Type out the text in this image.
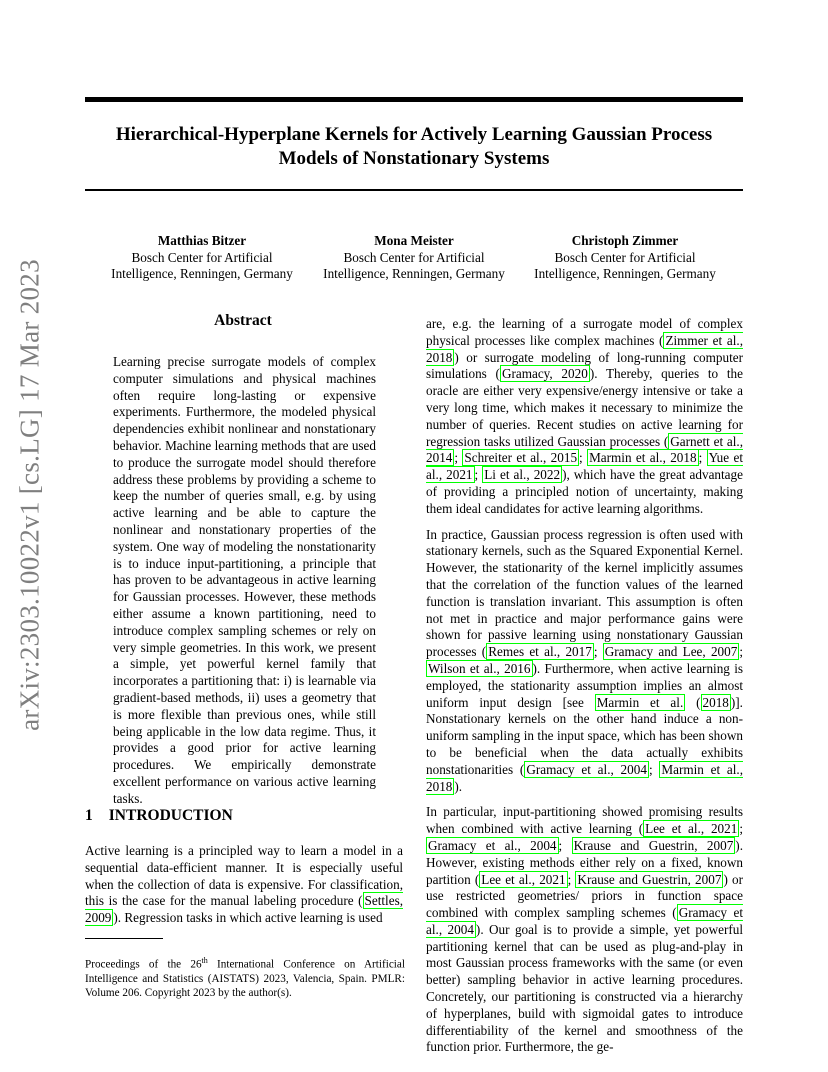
Hierarchical-Hyperplane Kernels for Actively Learning Gaussian Process
Models of Nonstationary Systems
Matthias Bitzer
Bosch Center for Artificial
Intelligence, Renningen, Germany
Mona Meister
Bosch Center for Artificial
Intelligence, Renningen, Germany
Christoph Zimmer
Bosch Center for Artificial
Intelligence, Renningen, Germany
arXiv:2303.10022v1 [cs.LG] 17 Mar 2023	Abstract
Learning precise surrogate models of complex computer simulations and physical machines often require long-lasting or expensive experiments. Furthermore, the modeled physical dependencies exhibit nonlinear and nonstationary behavior. Machine learning methods that are used to produce the surrogate model should therefore address these problems by providing a scheme to keep the number of queries small, e.g. by using active learning and be able to capture the nonlinear and nonstationary properties of the system. One way of modeling the nonstationarity is to induce input-partitioning, a principle that has proven to be advantageous in active learning for Gaussian processes. However, these methods either assume a known partitioning, need to introduce complex sampling schemes or rely on very simple geometries. In this work, we present a simple, yet powerful kernel family that incorporates a partitioning that: i) is learnable via gradient-based methods, ii) uses a geometry that is more flexible than previous ones, while still being applicable in the low data regime. Thus, it provides a good prior for active learning procedures. We empirically demonstrate excellent performance on various active learning tasks.
1 INTRODUCTION
Active learning is a principled way to learn a model in a sequential data-efficient manner. It is especially useful when the collection of data is expensive. For classification, this is the case for the manual labeling procedure ( Settles, 2009 ). Regression tasks in which active learning is used
Proceedings of the 26th International Conference on Artificial Intelligence and Statistics (AISTATS) 2023, Valencia, Spain. PMLR: Volume 206. Copyright 2023 by the author(s).

are, e.g. the learning of a surrogate model of complex physical processes like complex machines ( Zimmer et al., 2018 ) or surrogate modeling of long-running computer simulations ( Gramacy, 2020 ). Thereby, queries to the oracle are either very expensive/energy intensive or take a very long time, which makes it necessary to minimize the number of queries. Recent studies on active learning for regression tasks utilized Gaussian processes ( Garnett et al., 2014 ; Schreiter et al., 2015 ; Marmin et al., 2018 ; Yue et al., 2021 ; Li et al., 2022 ), which have the great advantage of providing a principled notion of uncertainty, making them ideal candidates for active learning algorithms.

In practice, Gaussian process regression is often used with stationary kernels, such as the Squared Exponential Kernel. However, the stationarity of the kernel implicitly assumes that the correlation of the function values of the learned function is translation invariant. This assumption is often not met in practice and major performance gains were shown for passive learning using nonstationary Gaussian processes ( Remes et al., 2017 ; Gramacy and Lee, 2007 ; Wilson et al., 2016 ). Furthermore, when active learning is employed, the stationarity assumption implies an almost uniform input design [see Marmin et al. ( 2018 )]. Nonstationary kernels on the other hand induce a non-uniform sampling in the input space, which has been shown to be beneficial when the data actually exhibits nonstationarities ( Gramacy et al., 2004 ; Marmin et al., 2018 ).

In particular, input-partitioning showed promising results when combined with active learning ( Lee et al., 2021 ; Gramacy et al., 2004 ; Krause and Guestrin, 2007 ). However, existing methods either rely on a fixed, known partition ( Lee et al., 2021 ; Krause and Guestrin, 2007 ) or use restricted geometries/ priors in function space combined with complex sampling schemes ( Gramacy et al., 2004 ). Our goal is to provide a simple, yet powerful partitioning kernel that can be used as plug-and-play in most Gaussian process frameworks with the same (or even better) sampling behavior in active learning procedures. Concretely, our partitioning is constructed via a hierarchy of hyperplanes, build with sigmoidal gates to introduce differentiability of the kernel and smoothness of the function prior. Furthermore, the ge-
